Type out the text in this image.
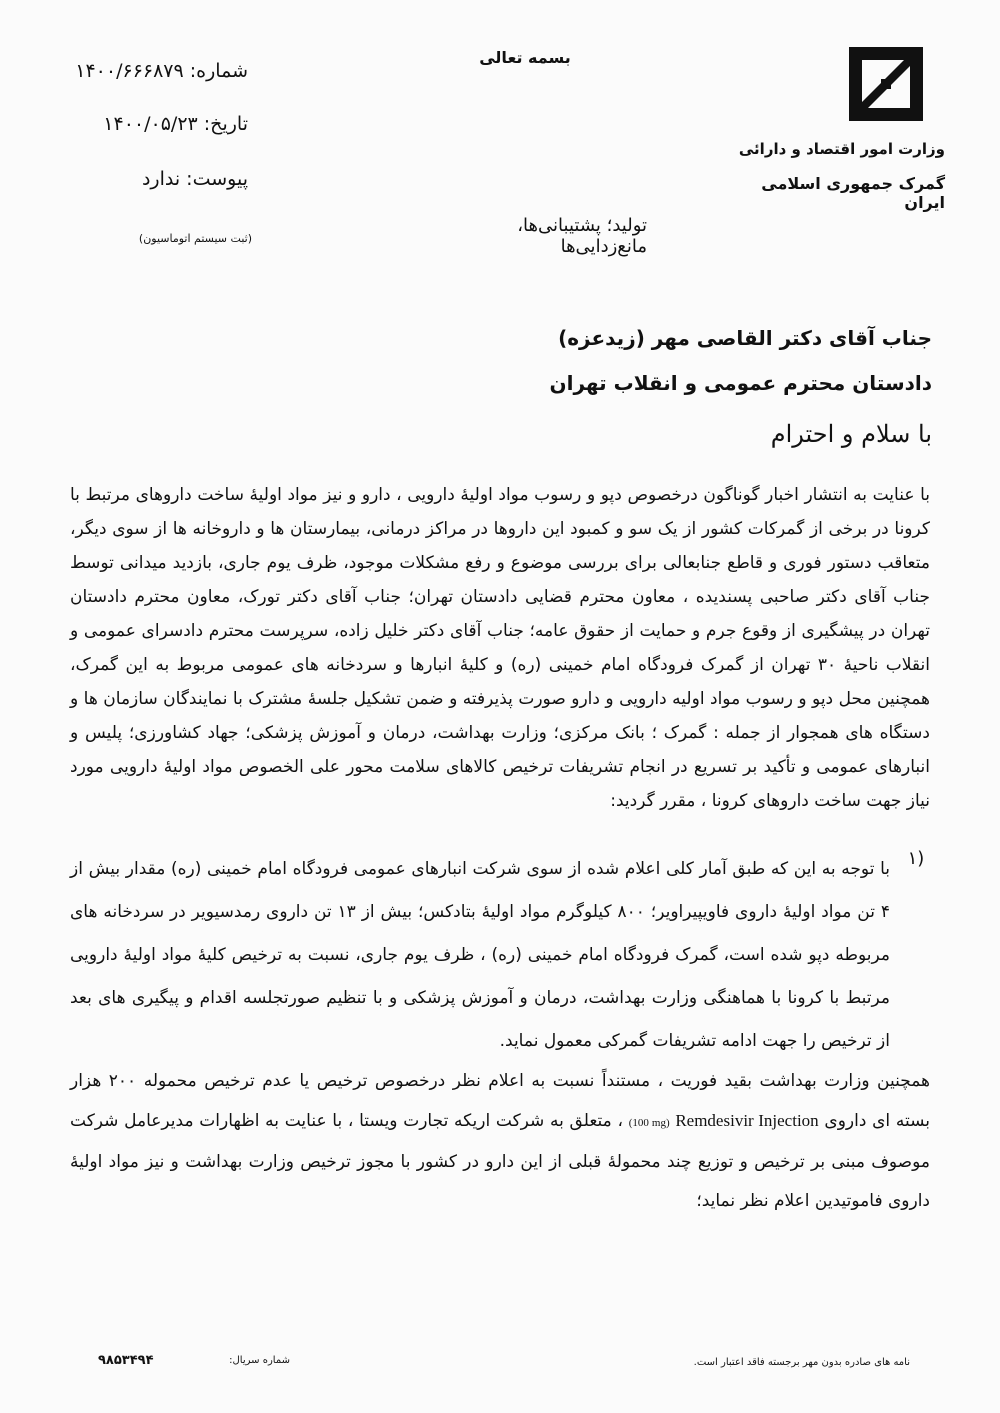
وزارت امور اقتصاد و دارائی
گمرک جمهوری اسلامی ایران
بسمه تعالی
شماره: ۱۴۰۰/۶۶۶۸۷۹
تاریخ: ۱۴۰۰/۰۵/۲۳
پیوست: ندارد
(ثبت سیستم اتوماسیون)
تولید؛ پشتیبانی‌ها، مانع‌زدایی‌ها
جناب آقای دکتر القاصی مهر (زیدعزه)
دادستان محترم عمومی و انقلاب تهران
با سلام و احترام
با عنایت به انتشار اخبار گوناگون درخصوص دپو و رسوب مواد اولیهٔ دارویی ، دارو و نیز مواد اولیهٔ ساخت داروهای مرتبط با کرونا در برخی از گمرکات کشور از یک سو و کمبود این داروها در مراکز درمانی، بیمارستان ها و داروخانه ها از سوی دیگر، متعاقب دستور فوری و قاطع جنابعالی برای بررسی موضوع و رفع مشکلات موجود، ظرف یوم جاری، بازدید میدانی توسط جناب آقای دکتر صاحبی پسندیده ، معاون محترم قضایی دادستان تهران؛ جناب آقای دکتر تورک، معاون محترم دادستان تهران در پیشگیری از وقوع جرم و حمایت از حقوق عامه؛ جناب آقای دکتر خلیل زاده، سرپرست محترم دادسرای عمومی و انقلاب ناحیهٔ ۳۰ تهران از گمرک فرودگاه امام خمینی (ره) و کلیهٔ انبارها و سردخانه های عمومی مربوط به این گمرک، همچنین محل دپو و رسوب مواد اولیه دارویی و دارو صورت پذیرفته و ضمن تشکیل جلسهٔ مشترک با نمایندگان سازمان ها و دستگاه های همجوار از جمله : گمرک ؛ بانک مرکزی؛ وزارت بهداشت، درمان و آموزش پزشکی؛ جهاد کشاورزی؛ پلیس و انبارهای عمومی و تأکید بر تسریع در انجام تشریفات ترخیص کالاهای سلامت محور علی الخصوص مواد اولیهٔ دارویی مورد نیاز جهت ساخت داروهای کرونا ، مقرر گردید:
۱)
با توجه به این که طبق آمار کلی اعلام شده از سوی شرکت انبارهای عمومی فرودگاه امام خمینی (ره) مقدار بیش از ۴ تن مواد اولیهٔ داروی فاویپیراویر؛ ۸۰۰ کیلوگرم مواد اولیهٔ بتادکس؛ بیش از ۱۳ تن داروی رمدسیویر در سردخانه های مربوطه دپو شده است، گمرک فرودگاه امام خمینی (ره) ، ظرف یوم جاری، نسبت به ترخیص کلیهٔ مواد اولیهٔ دارویی مرتبط با کرونا با هماهنگی وزارت بهداشت، درمان و آموزش پزشکی و با تنظیم صورتجلسه اقدام و پیگیری های بعد از ترخیص را جهت ادامه تشریفات گمرکی معمول نماید.
همچنین وزارت بهداشت بقید فوریت ، مستنداً نسبت به اعلام نظر درخصوص ترخیص یا عدم ترخیص محموله ۲۰۰ هزار بسته ای داروی Remdesivir Injection (100 mg) ، متعلق به شرکت اریکه تجارت ویستا ، با عنایت به اظهارات مدیرعامل شرکت موصوف مبنی بر ترخیص و توزیع چند محمولهٔ قبلی از این دارو در کشور با مجوز ترخیص وزارت بهداشت و نیز مواد اولیهٔ داروی فاموتیدین اعلام نظر نماید؛
نامه های صادره بدون مهر برجسته فاقد اعتبار است.
شماره سریال:
۹۸۵۳۴۹۴
